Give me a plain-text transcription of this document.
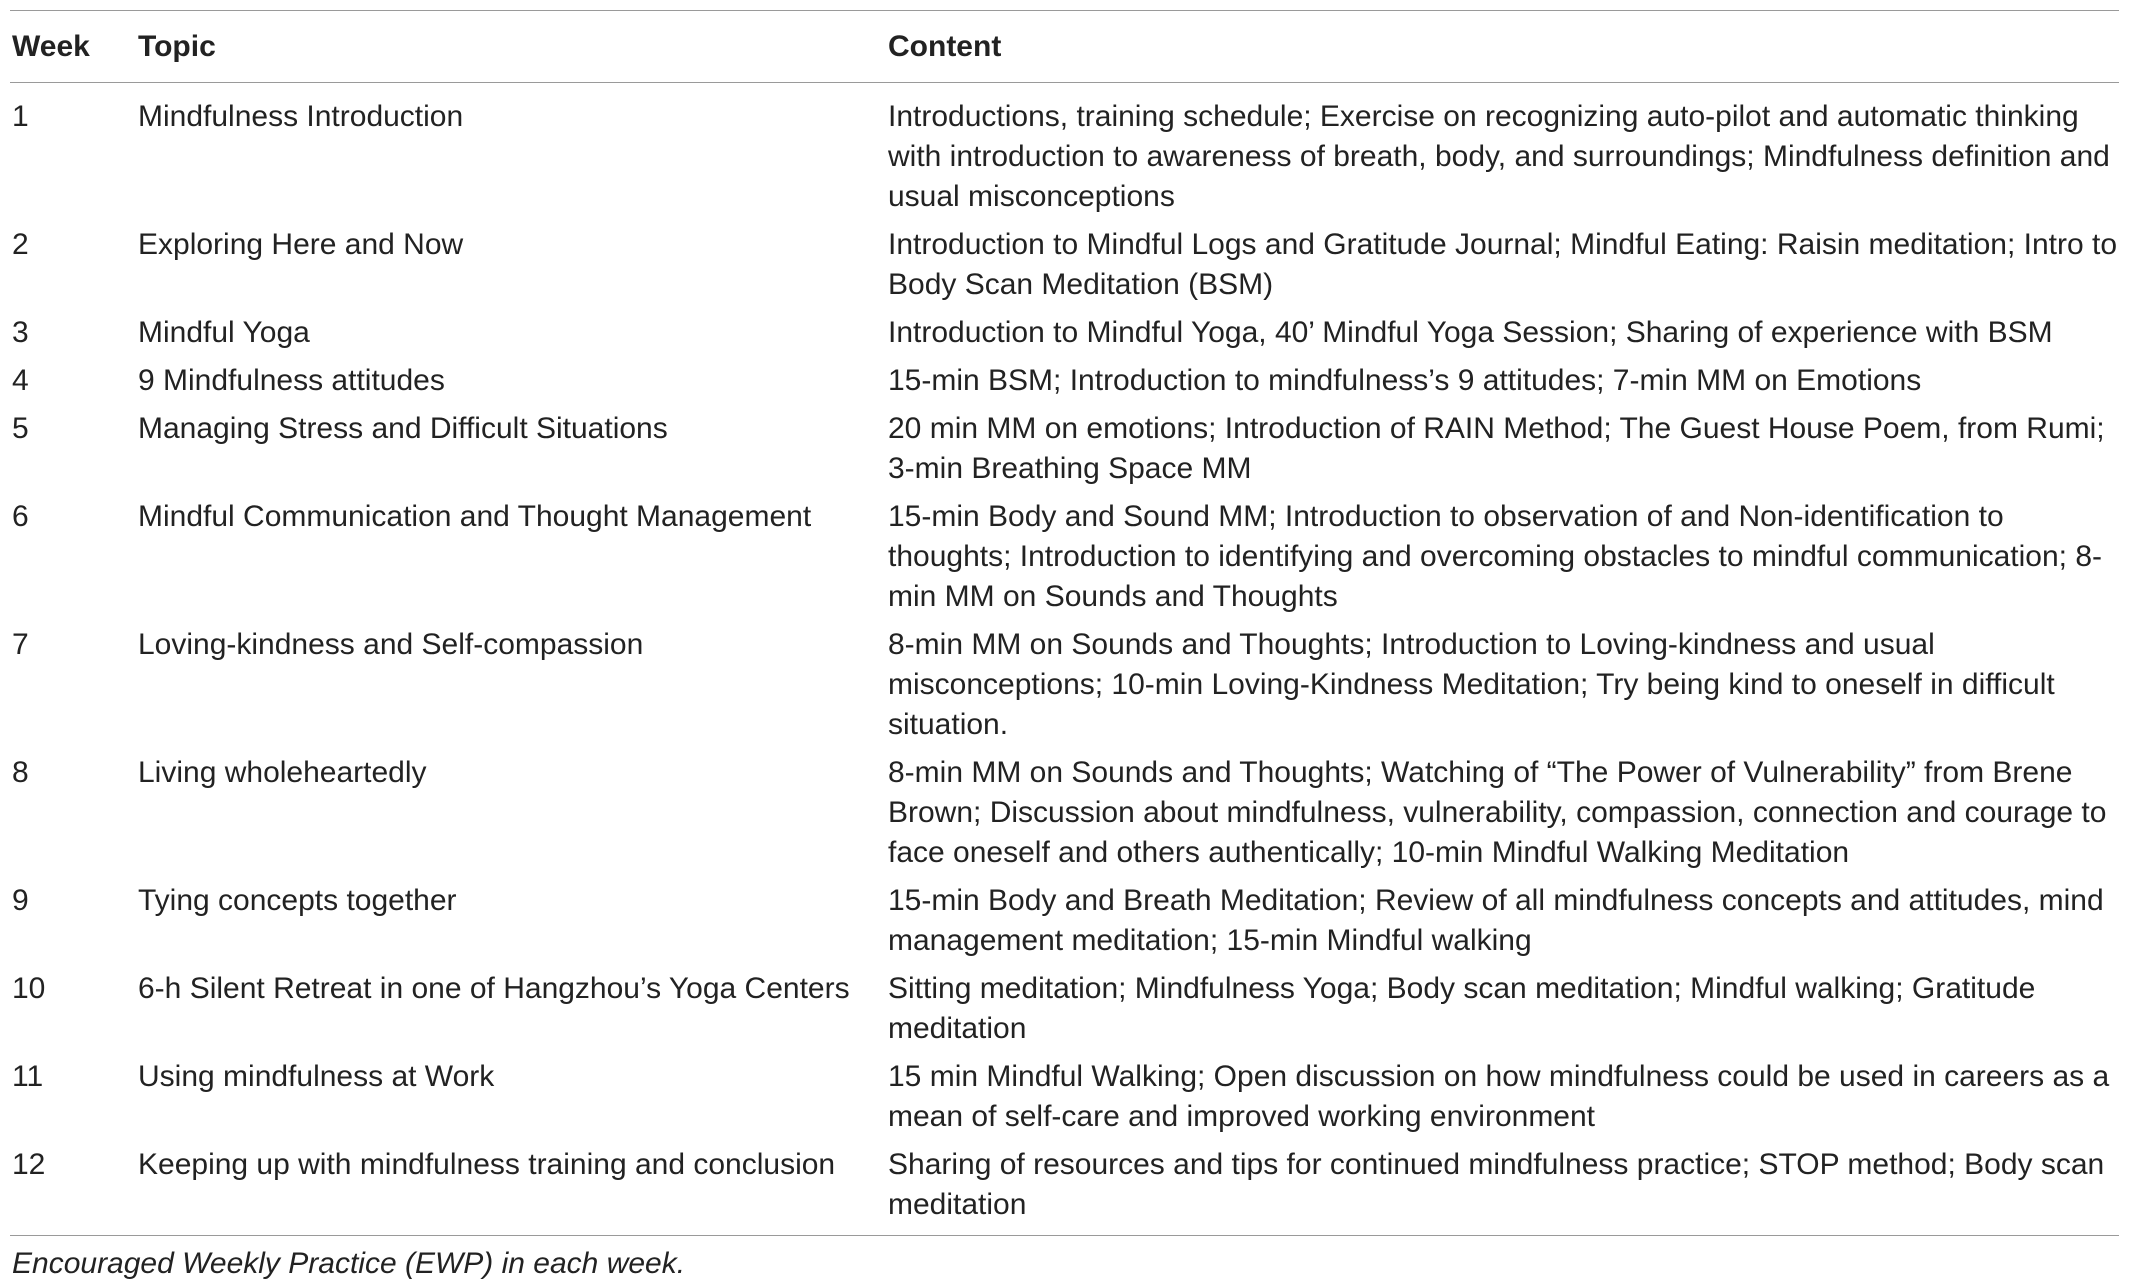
Week	Topic	Content
1	Mindfulness Introduction	Introductions, training schedule; Exercise on recognizing auto-pilot and automatic thinking with introduction to awareness of breath, body, and surroundings; Mindfulness definition and usual misconceptions
2	Exploring Here and Now	Introduction to Mindful Logs and Gratitude Journal; Mindful Eating: Raisin meditation; Intro to Body Scan Meditation (BSM)
3	Mindful Yoga	Introduction to Mindful Yoga, 40’ Mindful Yoga Session; Sharing of experience with BSM
4	9 Mindfulness attitudes	15-min BSM; Introduction to mindfulness’s 9 attitudes; 7-min MM on Emotions
5	Managing Stress and Difficult Situations	20 min MM on emotions; Introduction of RAIN Method; The Guest House Poem, from Rumi; 3-min Breathing Space MM
6	Mindful Communication and Thought Management	15-min Body and Sound MM; Introduction to observation of and Non-identification to thoughts; Introduction to identifying and overcoming obstacles to mindful communication; 8-min MM on Sounds and Thoughts
7	Loving-kindness and Self-compassion	8-min MM on Sounds and Thoughts; Introduction to Loving-kindness and usual misconceptions; 10-min Loving-Kindness Meditation; Try being kind to oneself in difficult situation.
8	Living wholeheartedly	8-min MM on Sounds and Thoughts; Watching of “The Power of Vulnerability” from Brene Brown; Discussion about mindfulness, vulnerability, compassion, connection and courage to face oneself and others authentically; 10-min Mindful Walking Meditation
9	Tying concepts together	15-min Body and Breath Meditation; Review of all mindfulness concepts and attitudes, mind management meditation; 15-min Mindful walking
10	6-h Silent Retreat in one of Hangzhou’s Yoga Centers	Sitting meditation; Mindfulness Yoga; Body scan meditation; Mindful walking; Gratitude meditation
11	Using mindfulness at Work	15 min Mindful Walking; Open discussion on how mindfulness could be used in careers as a mean of self-care and improved working environment
12	Keeping up with mindfulness training and conclusion	Sharing of resources and tips for continued mindfulness practice; STOP method; Body scan meditation
Encouraged Weekly Practice (EWP) in each week.
